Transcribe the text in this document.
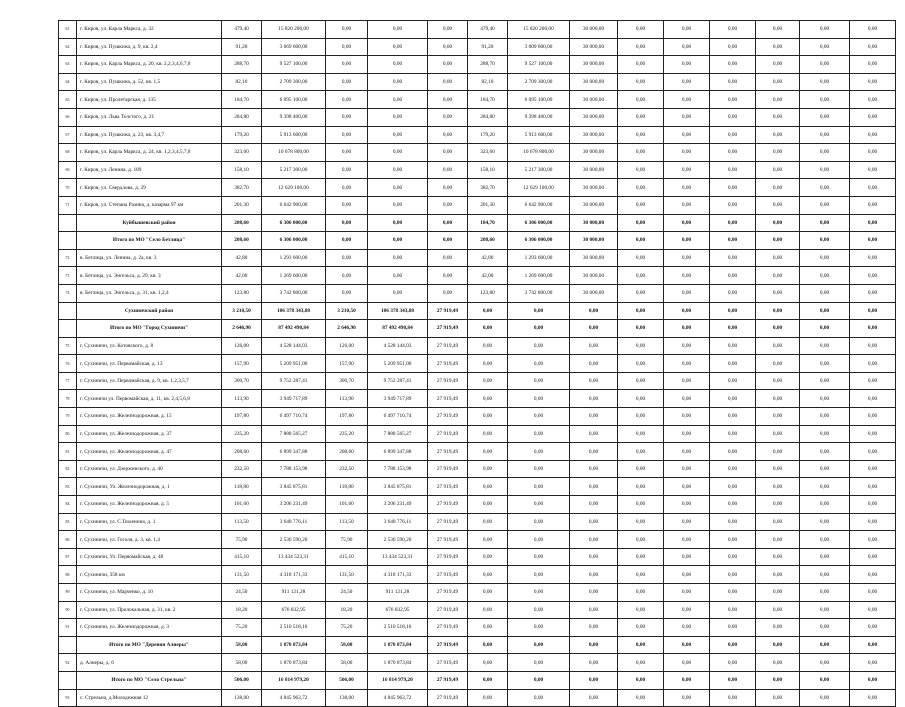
61	г. Киров, ул. Карла Маркса, д. 32	479,40	15 820 200,00	0,00	0,00	0,00	479,40	15 820 200,00	30 000,00	0,00	0,00	0,00	0,00	0,00	0,00
62	г. Киров, ул. Пушкина, д. 9, кв. 2,4	91,20	3 069 600,00	0,00	0,00	0,00	91,20	3 009 600,00	30 000,00	0,00	0,00	0,00	0,00	0,00	0,00
63	г. Киров, ул. Карла Маркса, д. 20, кв. 2,2,3,4,6,7,8	288,70	9 527 100,00	0,00	0,00	0,00	288,70	9 527 100,00	30 000,00	0,00	0,00	0,00	0,00	0,00	0,00
64	г. Киров, ул. Пушкина, д. 52, кв. 1,5	82,10	2 709 300,00	0,00	0,00	0,00	82,10	2 709 300,00	30 000,00	0,00	0,00	0,00	0,00	0,00	0,00
65	г. Киров, ул. Пролетарская, д. 135	184,70	6 095 100,00	0,00	0,00	0,00	184,70	6 095 100,00	30 000,00	0,00	0,00	0,00	0,00	0,00	0,00
66	г. Киров, ул. Льва Толстого, д. 21	284,80	9 398 400,00	0,00	0,00	0,00	284,80	9 398 400,00	30 000,00	0,00	0,00	0,00	0,00	0,00	0,00
67	г. Киров, ул. Пушкина, д. 23, кв. 3,4,7	179,20	5 913 600,00	0,00	0,00	0,00	179,20	5 913 600,00	30 000,00	0,00	0,00	0,00	0,00	0,00	0,00
68	г. Киров, ул. Карла Маркса, д. 24, кв. 1,2,3,4,5,7,8	323,60	10 678 800,00	0,00	0,00	0,00	323,60	10 678 800,00	30 000,00	0,00	0,00	0,00	0,00	0,00	0,00
69	г. Киров, ул. Ленина, д. 189	158,10	5 217 300,00	0,00	0,00	0,00	158,10	5 217 300,00	30 000,00	0,00	0,00	0,00	0,00	0,00	0,00
70	г. Киров, ул. Свердлова, д. 29	382,70	12 629 100,00	0,00	0,00	0,00	382,70	12 629 100,00	30 000,00	0,00	0,00	0,00	0,00	0,00	0,00
71	г. Киров, ул. Степана Разина, д. казарма 97 км	201,30	6 642 900,00	0,00	0,00	0,00	201,30	6 642 900,00	30 000,00	0,00	0,00	0,00	0,00	0,00	0,00
	Куйбышевский район	208,60	6 306 000,00	0,00	0,00	0,00	184,70	6 306 000,00	30 000,00	0,00	0,00	0,00	0,00	0,00	0,00
	Итого по МО "Село Бетлица"	208,60	6 306 000,00	0,00	0,00	0,00	208,60	6 306 000,00	30 000,00	0,00	0,00	0,00	0,00	0,00	0,00
72	в. Бетлица, ул. Ленина, д. 2а, кв. 3	42,80	1 293 600,00	0,00	0,00	0,00	42,80	1 293 600,00	30 000,00	0,00	0,00	0,00	0,00	0,00	0,00
73	в. Бетлица, ул. Энгельса, д. 29, кв. 3	42,00	1 269 600,00	0,00	0,00	0,00	42,00	1 269 600,00	30 000,00	0,00	0,00	0,00	0,00	0,00	0,00
74	в. Бетлица, ул. Энгельса, д. 31, кв. 1,2,4	123,80	3 742 800,00	0,00	0,00	0,00	123,80	3 742 800,00	30 000,00	0,00	0,00	0,00	0,00	0,00	0,00
	Сухиничский район	3 210,50	106 378 343,88	3 210,50	106 378 343,88	27 919,49	0,00	0,00	0,00	0,00	0,00	0,00	0,00	0,00	0,00
	Итого по МО "Город Сухиничи"	2 646,90	87 492 490,84	2 646,90	87 492 490,84	27 919,49	0,00	0,00	0,00	0,00	0,00	0,00	0,00	0,00	0,00
75	г. Сухиничи, ул. Котовского, д. 8	126,00	4 528 144,03	126,00	4 528 144,03	27 919,49	0,00	0,00	0,00	0,00	0,00	0,00	0,00	0,00	0,00
76	г. Сухиничи, ул. Первомайская, д. 13	157,90	5 209 951,00	157,90	5 209 951,00	27 919,49	0,00	0,00	0,00	0,00	0,00	0,00	0,00	0,00	0,00
77	г. Сухиничи, ул. Первомайская, д. 9, кв. 1,2,3,5,7	300,70	9 752 287,41	300,70	9 752 287,41	27 919,49	0,00	0,00	0,00	0,00	0,00	0,00	0,00	0,00	0,00
78	г. Сухиничи ул. Первомайская, д. 11, кв. 2,4,5,6,8	113,90	3 949 717,89	113,90	3 949 717,89	27 919,49	0,00	0,00	0,00	0,00	0,00	0,00	0,00	0,00	0,00
79	г. Сухиничи, ул. Железнодорожная, д. 15	197,80	6 497 710,74	197,80	6 497 710,74	27 919,49	0,00	0,00	0,00	0,00	0,00	0,00	0,00	0,00	0,00
80	г. Сухиничи, ул. Железнодорожная, д. 37	235,20	7 888 565,27	235,20	7 888 565,27	27 919,49	0,00	0,00	0,00	0,00	0,00	0,00	0,00	0,00	0,00
81	г. Сухиничи, ул. Железнодорожная, д. 47	208,60	6 899 347,88	208,60	6 899 347,88	27 919,49	0,00	0,00	0,00	0,00	0,00	0,00	0,00	0,00	0,00
82	г. Сухиничи, ул. Дзержинского, д. 40	232,50	7 788 153,98	232,50	7 788 153,98	27 919,49	0,00	0,00	0,00	0,00	0,00	0,00	0,00	0,00	0,00
83	г. Сухиничи, Ул. Железнодорожная, д. 1	118,80	3 845 875,81	118,80	3 845 875,81	27 919,49	0,00	0,00	0,00	0,00	0,00	0,00	0,00	0,00	0,00
84	г. Сухиничи, ул. Железнодорожная, д. 5	101,60	3 206 231,49	101,60	3 206 231,49	27 919,49	0,00	0,00	0,00	0,00	0,00	0,00	0,00	0,00	0,00
85	г. Сухиничи, ул. С.Тюленина, д. 1	113,50	3 648 776,11	113,50	3 648 776,11	27 919,49	0,00	0,00	0,00	0,00	0,00	0,00	0,00	0,00	0,00
86	г. Сухиничи, ул. Гоголя, д. 3, кв. 1,4	75,90	2 536 590,20	75,90	2 536 590,20	27 919,49	0,00	0,00	0,00	0,00	0,00	0,00	0,00	0,00	0,00
87	г. Сухиничи, Ул. Первомайская, д. 48	415,10	13 434 523,31	415,10	13 434 523,31	27 919,49	0,00	0,00	0,00	0,00	0,00	0,00	0,00	0,00	0,00
88	г. Сухиничи, 358 км	131,50	4 318 171,33	131,50	4 318 171,33	27 919,49	0,00	0,00	0,00	0,00	0,00	0,00	0,00	0,00	0,00
89	г. Сухиничи, ул. Марченко, д. 10	24,50	911 121,28	24,50	911 121,28	27 919,49	0,00	0,00	0,00	0,00	0,00	0,00	0,00	0,00	0,00
90	г. Сухиничи, ул. Пролокальная, д. 31, кв. 2	18,20	676 832,95	18,20	676 832,95	27 919,49	0,00	0,00	0,00	0,00	0,00	0,00	0,00	0,00	0,00
91	г. Сухиничи, ул. Железнодорожная, д. 3	75,20	2 510 518,16	75,20	2 510 518,16	27 919,49	0,00	0,00	0,00	0,00	0,00	0,00	0,00	0,00	0,00
	Итого по МО "Деревня Алнеры"	58,00	1 870 873,84	58,00	1 870 873,84	27 919,49	0,00	0,00	0,00	0,00	0,00	0,00	0,00	0,00	0,00
92	д. Алнеры, д. 6	58,00	1 870 873,84	58,00	1 870 873,84	27 919,49	0,00	0,00	0,00	0,00	0,00	0,00	0,00	0,00	0,00
	Итого по МО "Село Стрельна"	506,00	16 814 979,20	506,00	16 814 979,20	27 919,49	0,00	0,00	0,00	0,00	0,00	0,00	0,00	0,00	0,00
93	с. Стрельна, д.Молодежная 12	138,00	4 845 963,72	138,00	4 845 963,72	27 919,49	0,00	0,00	0,00	0,00	0,00	0,00	0,00	0,00	0,00
